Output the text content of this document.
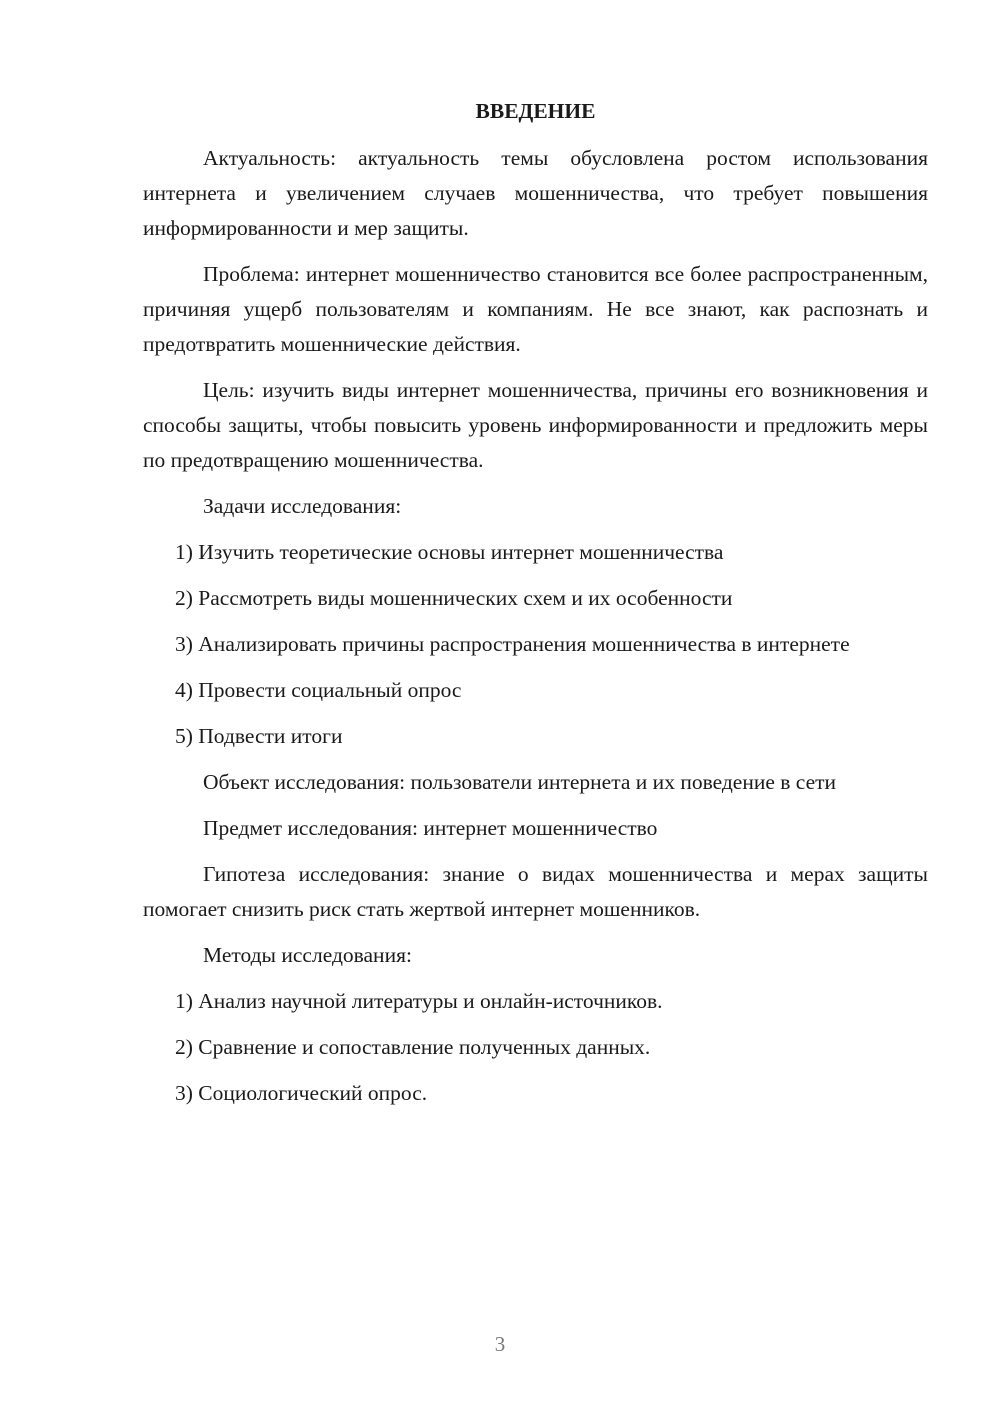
ВВЕДЕНИЕ

Актуальность: актуальность темы обусловлена ростом использования интернета и увеличением случаев мошенничества, что требует повышения информированности и мер защиты.

Проблема: интернет мошенничество становится все более распространенным, причиняя ущерб пользователям и компаниям. Не все знают, как распознать и предотвратить мошеннические действия.

Цель: изучить виды интернет мошенничества, причины его возникновения и способы защиты, чтобы повысить уровень информированности и предложить меры по предотвращению мошенничества.

Задачи исследования:

1) Изучить теоретические основы интернет мошенничества

2) Рассмотреть виды мошеннических схем и их особенности

3) Анализировать причины распространения мошенничества в интернете

4) Провести социальный опрос

5) Подвести итоги

Объект исследования: пользователи интернета и их поведение в сети

Предмет исследования: интернет мошенничество

Гипотеза исследования: знание о видах мошенничества и мерах защиты помогает снизить риск стать жертвой интернет мошенников.

Методы исследования:

1) Анализ научной литературы и онлайн-источников.

2) Сравнение и сопоставление полученных данных.

3) Социологический опрос.

3
